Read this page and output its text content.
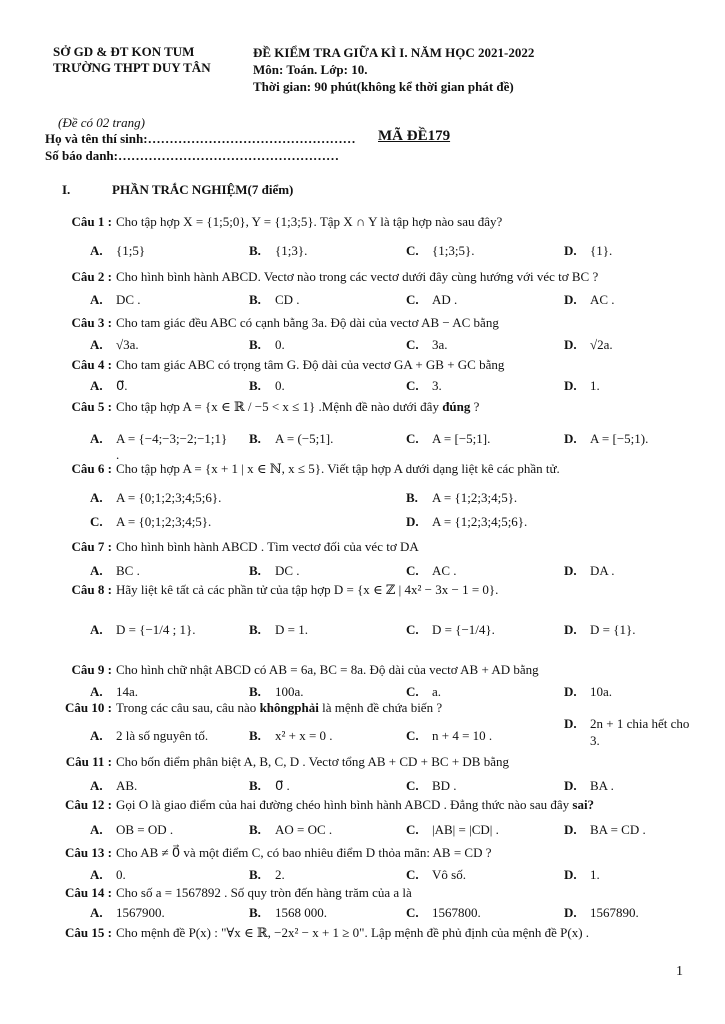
SỞ GD & ĐT KON TUM
TRƯỜNG THPT DUY TÂN
ĐỀ KIỂM TRA GIỮA KÌ I. NĂM HỌC 2021-2022
Môn: Toán. Lớp: 10.
Thời gian: 90 phút(không kể thời gian phát đề)
(Đề có 02 trang)
Họ và tên thí sinh:………………………………………… MÃ ĐỀ179
Số báo danh:……………………………………………
I.	PHẦN TRẮC NGHIỆM(7 điểm)
Câu 1 : Cho tập hợp X = {1;5;0}, Y = {1;3;5}. Tập X ∩ Y là tập hợp nào sau đây?
A. {1;5}	B. {1;3}.	C. {1;3;5}.	D. {1}.
Câu 2 : Cho hình bình hành ABCD. Vectơ nào trong các vectơ dưới đây cùng hướng với véc tơ BC ?
A. DC .	B. CD .	C. AD .	D. AC .
Câu 3 : Cho tam giác đều ABC có cạnh bằng 3a. Độ dài của vectơ AB − AC bằng
A. √3a.	B. 0.	C. 3a.	D. √2a.
Câu 4 : Cho tam giác ABC có trọng tâm G. Độ dài của vectơ GA + GB + GC bằng
A. 0⃗.	B. 0.	C. 3.	D. 1.
Câu 5 : Cho tập hợp A = {x ∈ ℝ / −5 < x ≤ 1} .Mệnh đề nào dưới đây đúng ?
A. A = {−4;−3;−2;−1;1}
.
B. A = (−5;1].	C. A = [−5;1].	D. A = [−5;1).
Câu 6 : Cho tập hợp A = {x + 1 | x ∈ ℕ, x ≤ 5}. Viết tập hợp A dưới dạng liệt kê các phần tử.
A. A = {0;1;2;3;4;5;6}.	B. A = {1;2;3;4;5}.
C. A = {0;1;2;3;4;5}.	D. A = {1;2;3;4;5;6}.
Câu 7 : Cho hình bình hành ABCD . Tìm vectơ đối của véc tơ DA
A. BC .	B. DC .	C. AC .	D. DA .
Câu 8 : Hãy liệt kê tất cả các phần tử của tập hợp D = {x ∈ ℤ | 4x² − 3x − 1 = 0}.
A. D = {−1/4 ; 1}.	B. D = 1.	C. D = {−1/4}.	D. D = {1}.
Câu 9 : Cho hình chữ nhật ABCD có AB = 6a, BC = 8a. Độ dài của vectơ AB + AD bằng
A. 14a.	B. 100a.	C. a.	D. 10a.
Câu 10 : Trong các câu sau, câu nào khôngphải là mệnh đề chứa biến ?
A. 2 là số nguyên tố.	B. x² + x = 0 .	C. n + 4 = 10 .
D. 2n + 1 chia hết cho
3.
Câu 11 : Cho bốn điểm phân biệt A, B, C, D . Vectơ tổng AB + CD + BC + DB bằng
A. AB.	B. 0⃗ .	C. BD .	D. BA .
Câu 12 : Gọi O là giao điểm của hai đường chéo hình bình hành ABCD . Đẳng thức nào sau đây sai?
A. OB = OD .	B. AO = OC .	C. |AB| = |CD| .	D. BA = CD .
Câu 13 : Cho AB ≠ 0⃗ và một điểm C, có bao nhiêu điểm D thỏa mãn: AB = CD ?
A. 0.	B. 2.	C. Vô số.	D. 1.
Câu 14 : Cho số a = 1567892 . Số quy tròn đến hàng trăm của a là
A. 1567900.	B. 1568 000.	C. 1567800.	D. 1567890.
Câu 15 : Cho mệnh đề P(x) : "∀x ∈ ℝ, −2x² − x + 1 ≥ 0". Lập mệnh đề phủ định của mệnh đề P(x) .
1
